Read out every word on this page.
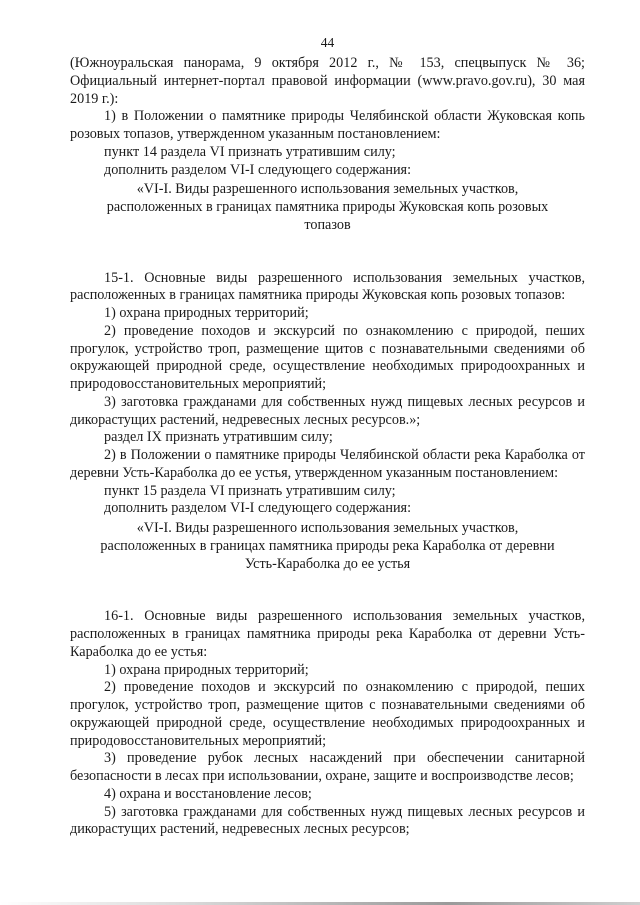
44

(Южноуральская панорама, 9 октября 2012 г., № 153, спецвыпуск № 36; Официальный интернет-портал правовой информации (www.pravo.gov.ru), 30 мая 2019 г.):

1) в Положении о памятнике природы Челябинской области Жуковская копь розовых топазов, утвержденном указанным постановлением:

пункт 14 раздела VI признать утратившим силу;

дополнить разделом VI-I следующего содержания:

«VI-I. Виды разрешенного использования земельных участков,

расположенных в границах памятника природы Жуковская копь розовых

топазов

15-1. Основные виды разрешенного использования земельных участков, расположенных в границах памятника природы Жуковская копь розовых топазов:

1) охрана природных территорий;

2) проведение походов и экскурсий по ознакомлению с природой, пеших прогулок, устройство троп, размещение щитов с познавательными сведениями об окружающей природной среде, осуществление необходимых природоохранных и природовосстановительных мероприятий;

3) заготовка гражданами для собственных нужд пищевых лесных ресурсов и дикорастущих растений, недревесных лесных ресурсов.»;

раздел IX признать утратившим силу;

2) в Положении о памятнике природы Челябинской области река Караболка от деревни Усть-Караболка до ее устья, утвержденном указанным постановлением:

пункт 15 раздела VI признать утратившим силу;

дополнить разделом VI-I следующего содержания:

«VI-I. Виды разрешенного использования земельных участков,

расположенных в границах памятника природы река Караболка от деревни

Усть-Караболка до ее устья

16-1. Основные виды разрешенного использования земельных участков, расположенных в границах памятника природы река Караболка от деревни Усть-Караболка до ее устья:

1) охрана природных территорий;

2) проведение походов и экскурсий по ознакомлению с природой, пеших прогулок, устройство троп, размещение щитов с познавательными сведениями об окружающей природной среде, осуществление необходимых природоохранных и природовосстановительных мероприятий;

3) проведение рубок лесных насаждений при обеспечении санитарной безопасности в лесах при использовании, охране, защите и воспроизводстве лесов;

4) охрана и восстановление лесов;

5) заготовка гражданами для собственных нужд пищевых лесных ресурсов и дикорастущих растений, недревесных лесных ресурсов;
